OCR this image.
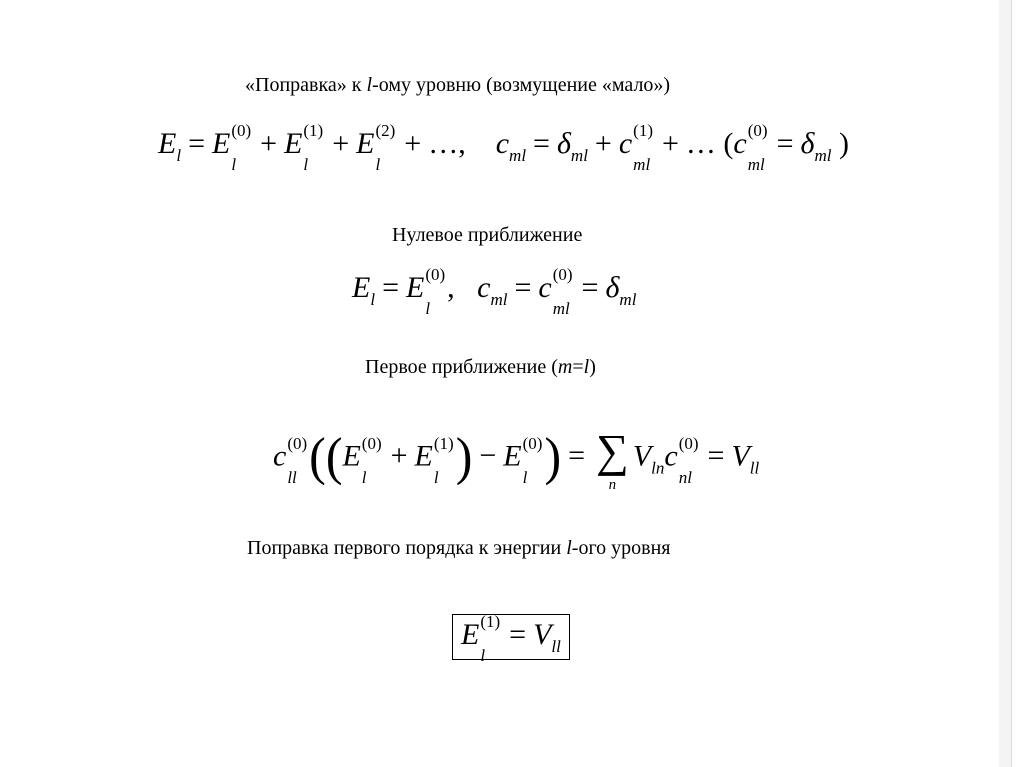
«Поправка» к l-ому уровню (возмущение «мало»)
$E_l = E$ (0)
l
+ E (1)
l
+ E (2)
l
+ …,    $c_{ml} = \delta_{ml} + c$ (1)
ml
+ … (c (0)
ml
= $\delta_{ml}$ )
Нулевое приближение
$E_l = E$ (0)
l
,   $c_{ml} = c$ (0)
ml
= $\delta_{ml}$
Первое приближение (m=l)
c (0)
ll ((E (0)
l
+ E (1)
l ) − E (0)
l ) = ∑
n
$V_{ln}c$ (0)
nl
= $V_{ll}$
Поправка первого порядка к энергии l-ого уровня
E (1)
l
= $V_{ll}$
